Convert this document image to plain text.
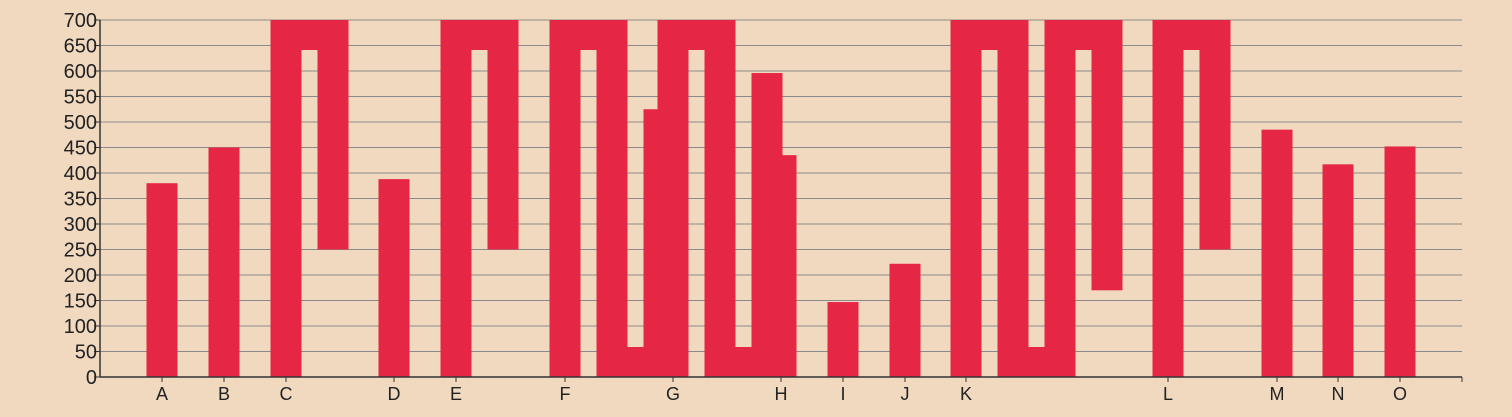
0
50
100
150
200
250
300
350
400
450
500
550
600
650
700
A	B	C	D	E	F	G	H	I	J	K	L	M	N	O
